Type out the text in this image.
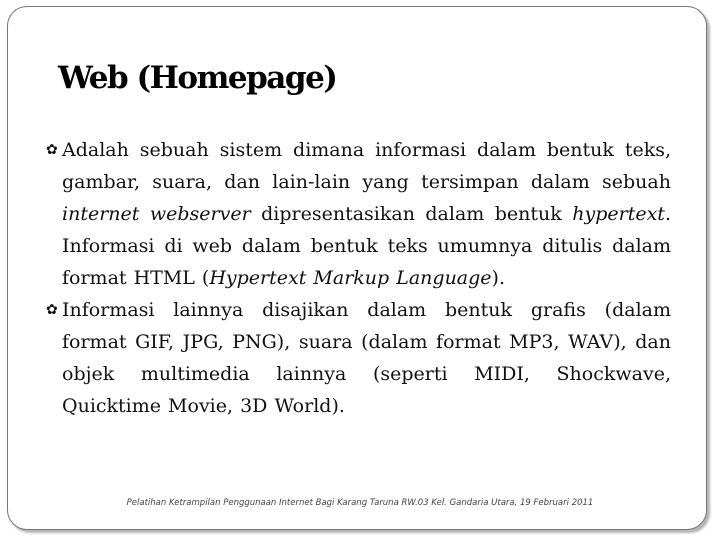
Web (Homepage)
✿ Adalah sebuah sistem dimana informasi dalam bentuk teks, gambar, suara, dan lain-lain yang tersimpan dalam sebuah internet webserver dipresentasikan dalam bentuk hypertext. Informasi di web dalam bentuk teks umumnya ditulis dalam format HTML (Hypertext Markup Language).
✿ Informasi lainnya disajikan dalam bentuk grafis (dalam format GIF, JPG, PNG), suara (dalam format MP3, WAV), dan objek multimedia lainnya (seperti MIDI, Shockwave, Quicktime Movie, 3D World).
Pelatihan Ketrampilan Penggunaan Internet Bagi Karang Taruna RW.03 Kel. Gandaria Utara, 19 Februari 2011
